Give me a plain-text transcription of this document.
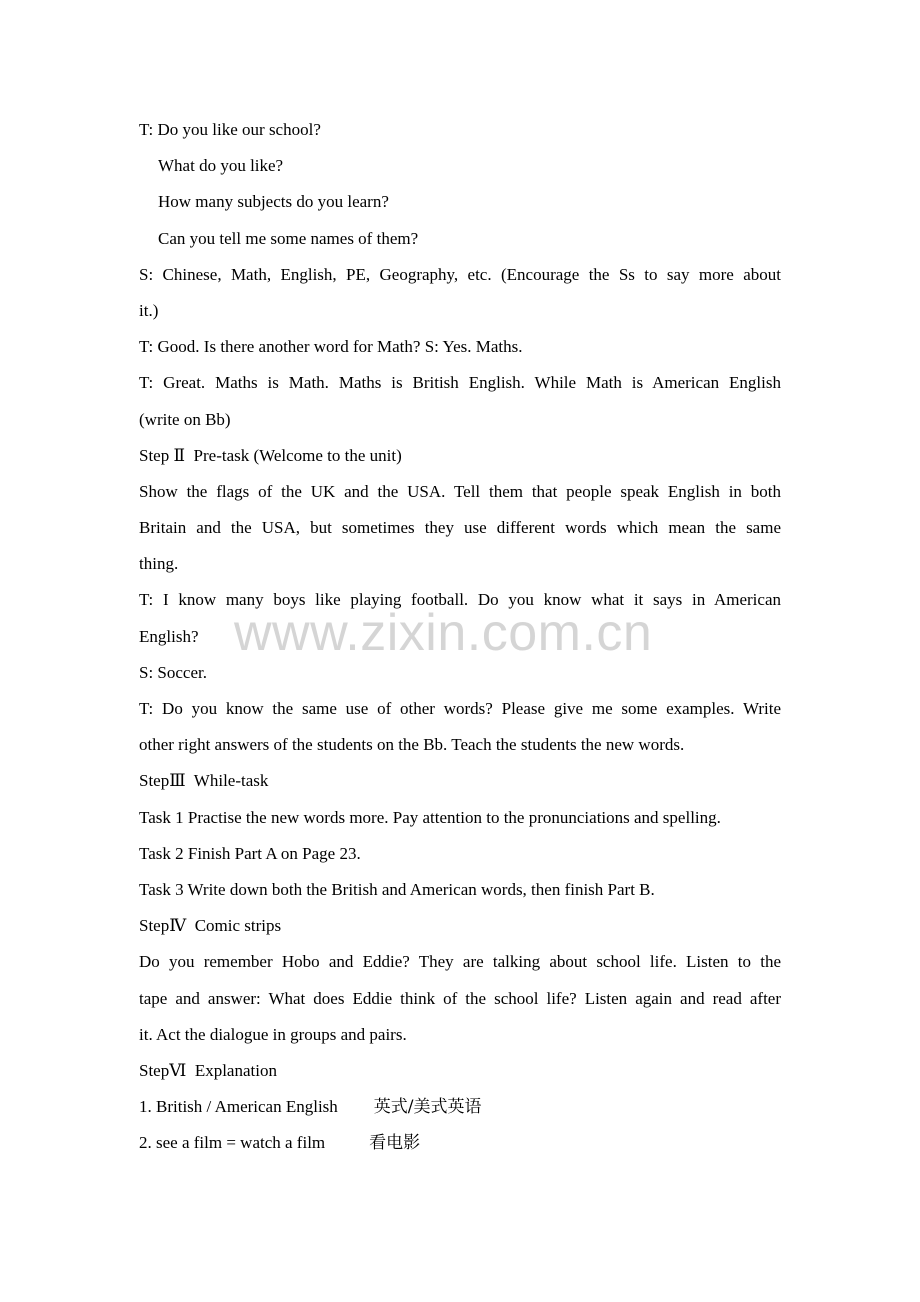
T: Do you like our school?

What do you like?

How many subjects do you learn?

Can you tell me some names of them?

S: Chinese, Math, English, PE, Geography, etc. (Encourage the Ss to say more about

it.)

T: Good. Is there another word for Math? S: Yes. Maths.

T: Great. Maths is Math. Maths is British English. While Math is American English

(write on Bb)

Step Ⅱ  Pre-task (Welcome to the unit)

Show the flags of the UK and the USA. Tell them that people speak English in both

Britain and the USA, but sometimes they use different words which mean the same

thing.

T: I know many boys like playing football. Do you know what it says in American

English?

S: Soccer.

T: Do you know the same use of other words? Please give me some examples. Write

other right answers of the students on the Bb. Teach the students the new words.

StepⅢ  While-task

Task 1 Practise the new words more. Pay attention to the pronunciations and spelling.

Task 2 Finish Part A on Page 23.

Task 3 Write down both the British and American words, then finish Part B.

StepⅣ  Comic strips

Do you remember Hobo and Eddie? They are talking about school life. Listen to the

tape and answer: What does Eddie think of the school life? Listen again and read after

it. Act the dialogue in groups and pairs.

StepⅥ  Explanation

1. British / American English 英式/美式英语

2. see a film = watch a film	看电影

www.zixin.com.cn
